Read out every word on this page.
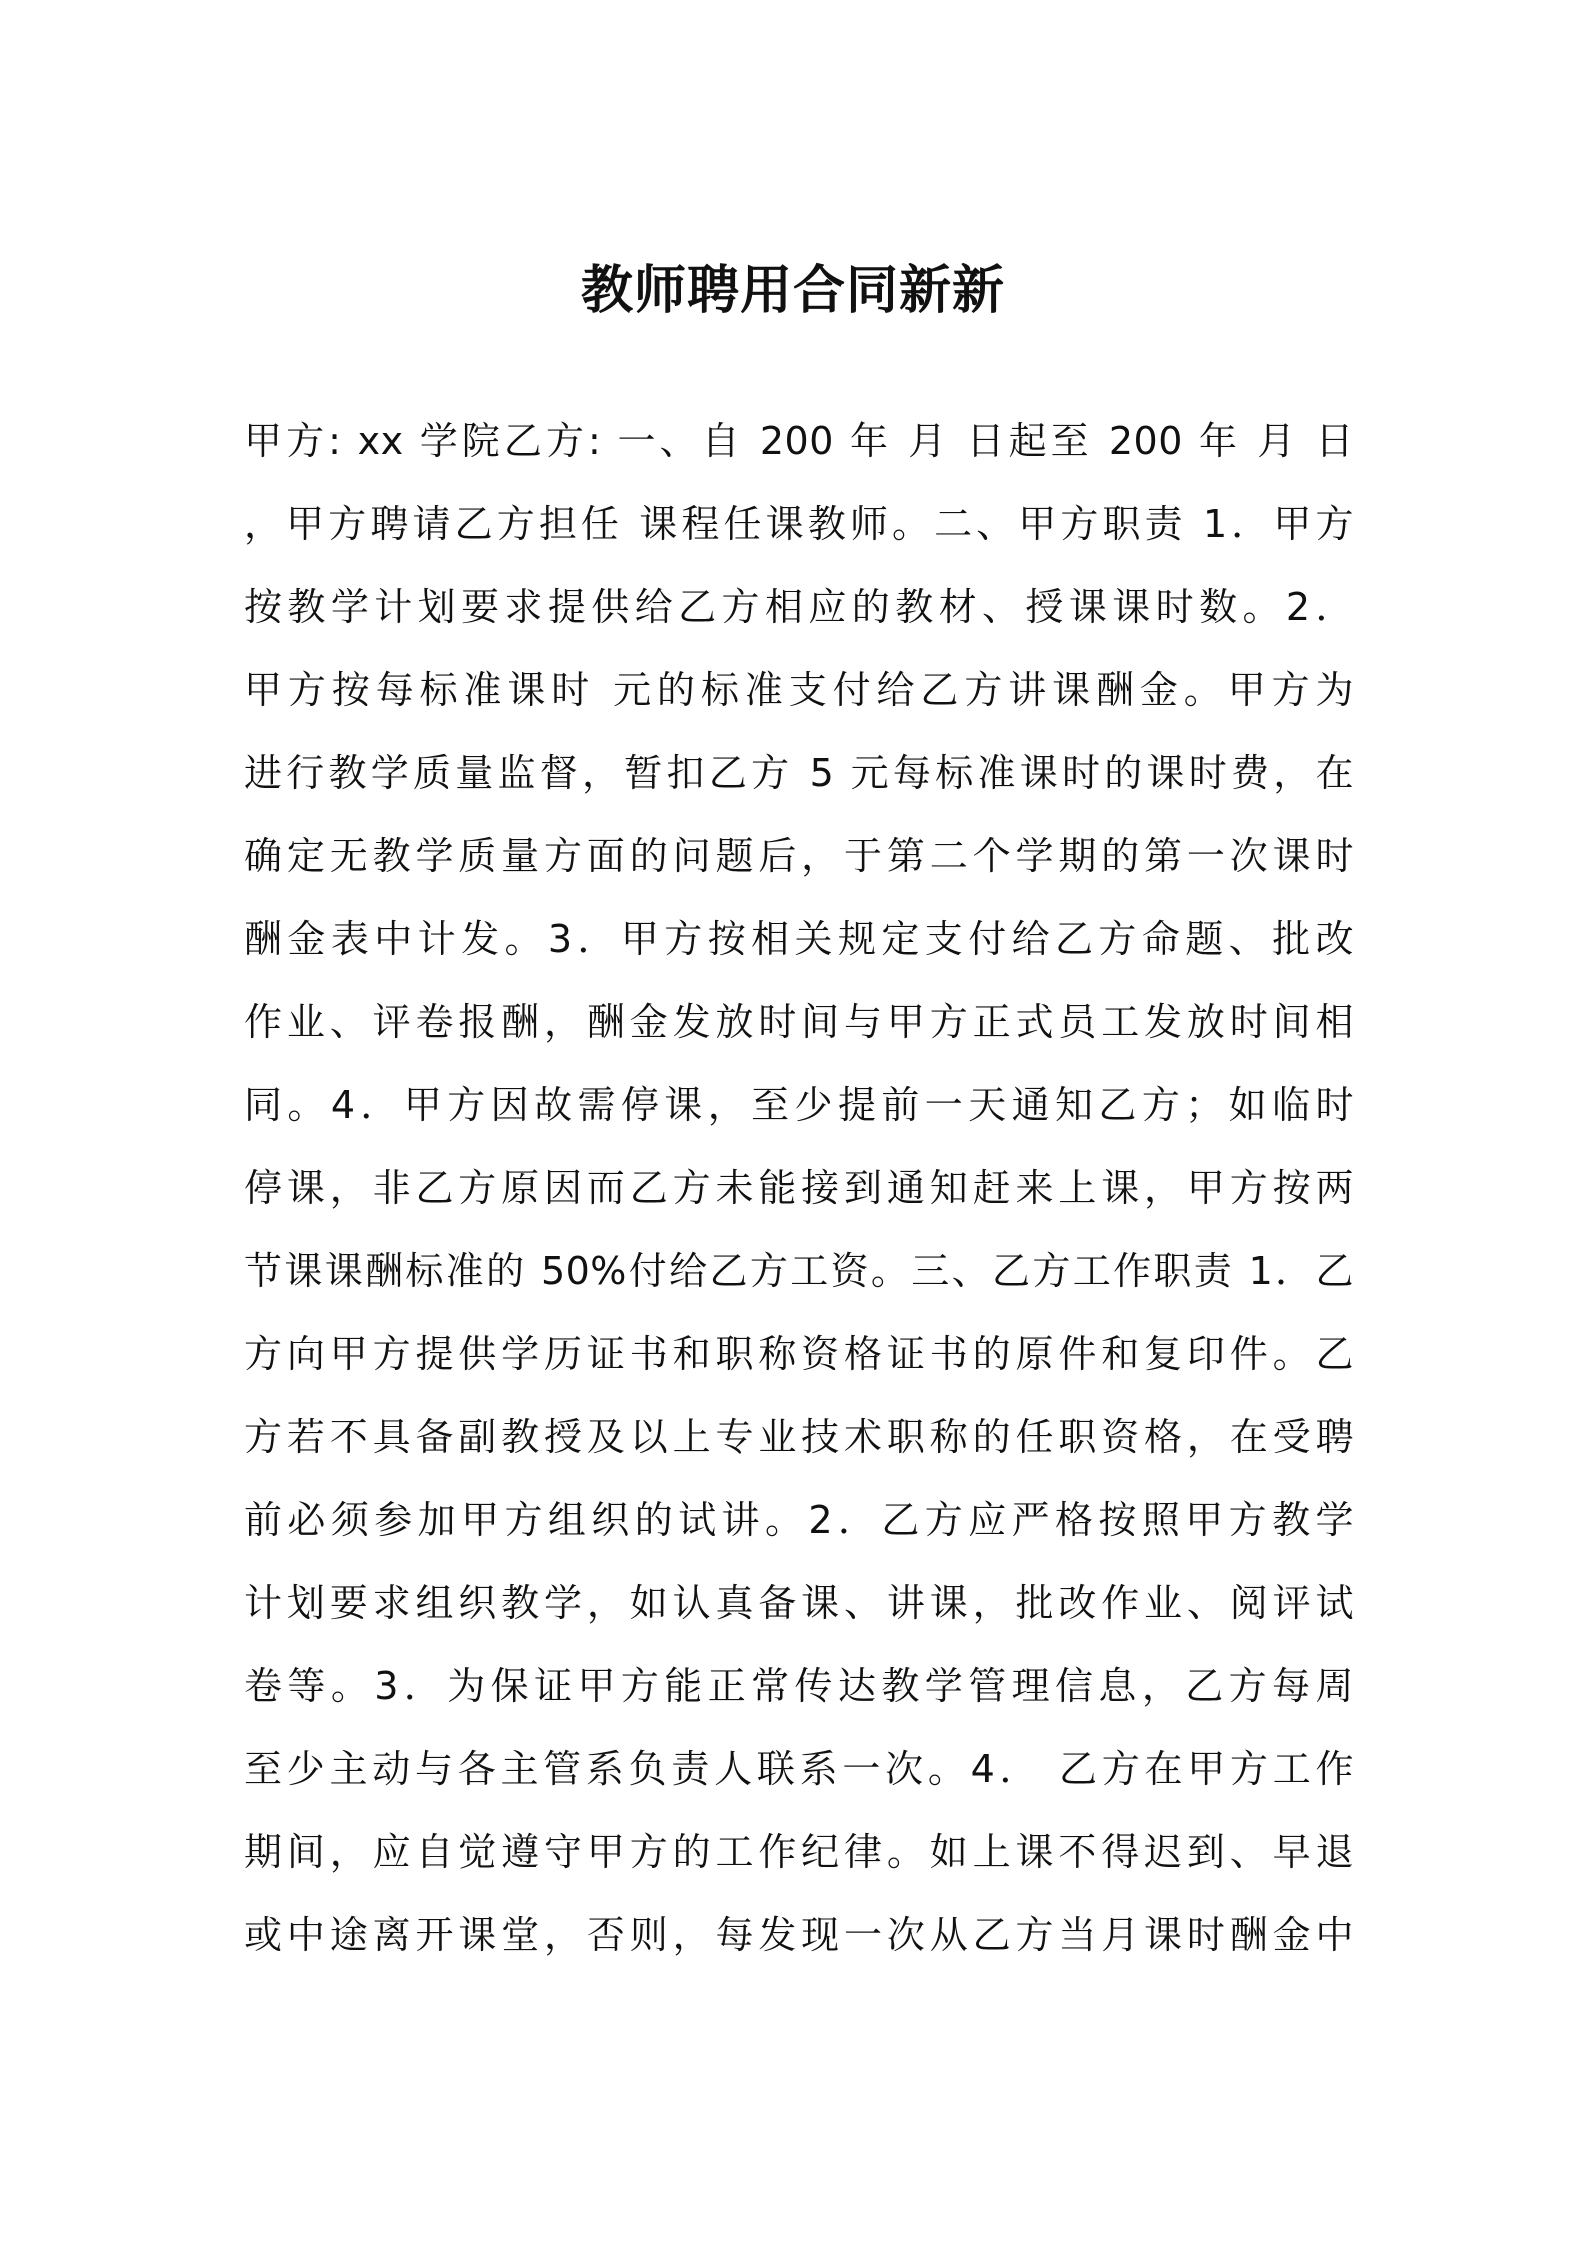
教师聘用合同新新
甲方: xx 学院乙方: 一、自 200 年 月 日起至 200 年 月 日
，甲方聘请乙方担任 课程任课教师。二、甲方职责 1．甲方
按教学计划要求提供给乙方相应的教材、授课课时数。2．
甲方按每标准课时 元的标准支付给乙方讲课酬金。甲方为
进行教学质量监督，暂扣乙方 5 元每标准课时的课时费，在
确定无教学质量方面的问题后，于第二个学期的第一次课时
酬金表中计发。3．甲方按相关规定支付给乙方命题、批改
作业、评卷报酬，酬金发放时间与甲方正式员工发放时间相
同。4．甲方因故需停课，至少提前一天通知乙方；如临时
停课，非乙方原因而乙方未能接到通知赶来上课，甲方按两
节课课酬标准的 50%付给乙方工资。三、乙方工作职责 1．乙
方向甲方提供学历证书和职称资格证书的原件和复印件。乙
方若不具备副教授及以上专业技术职称的任职资格，在受聘
前必须参加甲方组织的试讲。2．乙方应严格按照甲方教学
计划要求组织教学，如认真备课、讲课，批改作业、阅评试
卷等。3．为保证甲方能正常传达教学管理信息，乙方每周
至少主动与各主管系负责人联系一次。4． 乙方在甲方工作
期间，应自觉遵守甲方的工作纪律。如上课不得迟到、早退
或中途离开课堂，否则，每发现一次从乙方当月课时酬金中
